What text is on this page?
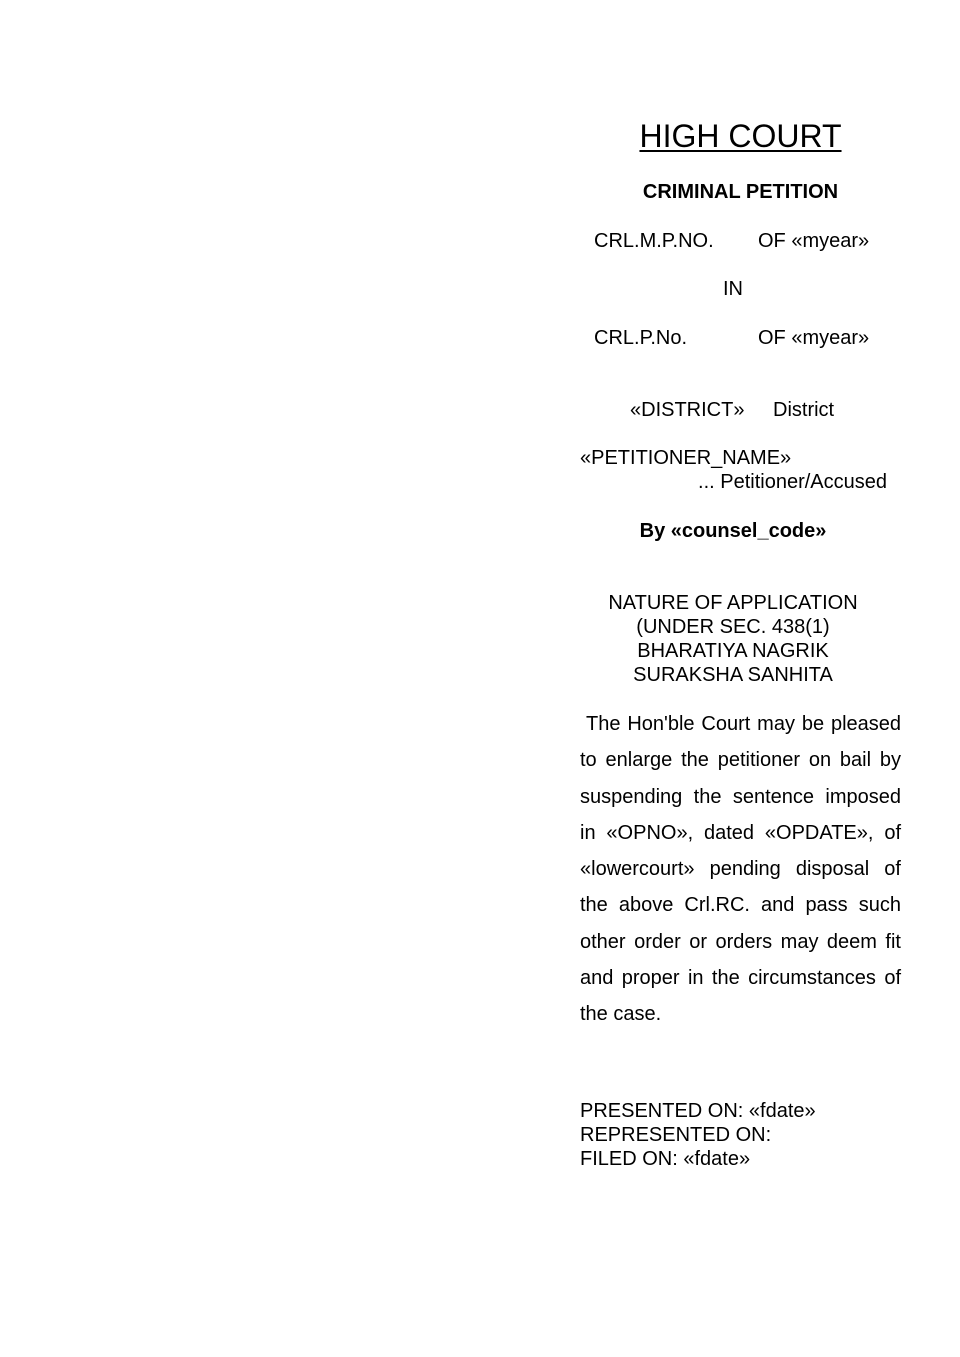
HIGH COURT
CRIMINAL PETITION
CRL.M.P.NO. OF «myear»
IN
CRL.P.No.	OF «myear»
«DISTRICT» District
«PETITIONER_NAME»
... Petitioner/Accused
By «counsel_code»
NATURE OF APPLICATION
(UNDER SEC. 438(1)
BHARATIYA NAGRIK
SURAKSHA SANHITA
The Hon'ble Court may be pleased to enlarge the petitioner on bail by suspending the sentence imposed in «OPNO», dated «OPDATE», of «lowercourt» pending disposal of the above Crl.RC. and pass such other order or orders may deem fit and proper in the circumstances of the case.
PRESENTED ON: «fdate»
REPRESENTED ON:
FILED ON: «fdate»
